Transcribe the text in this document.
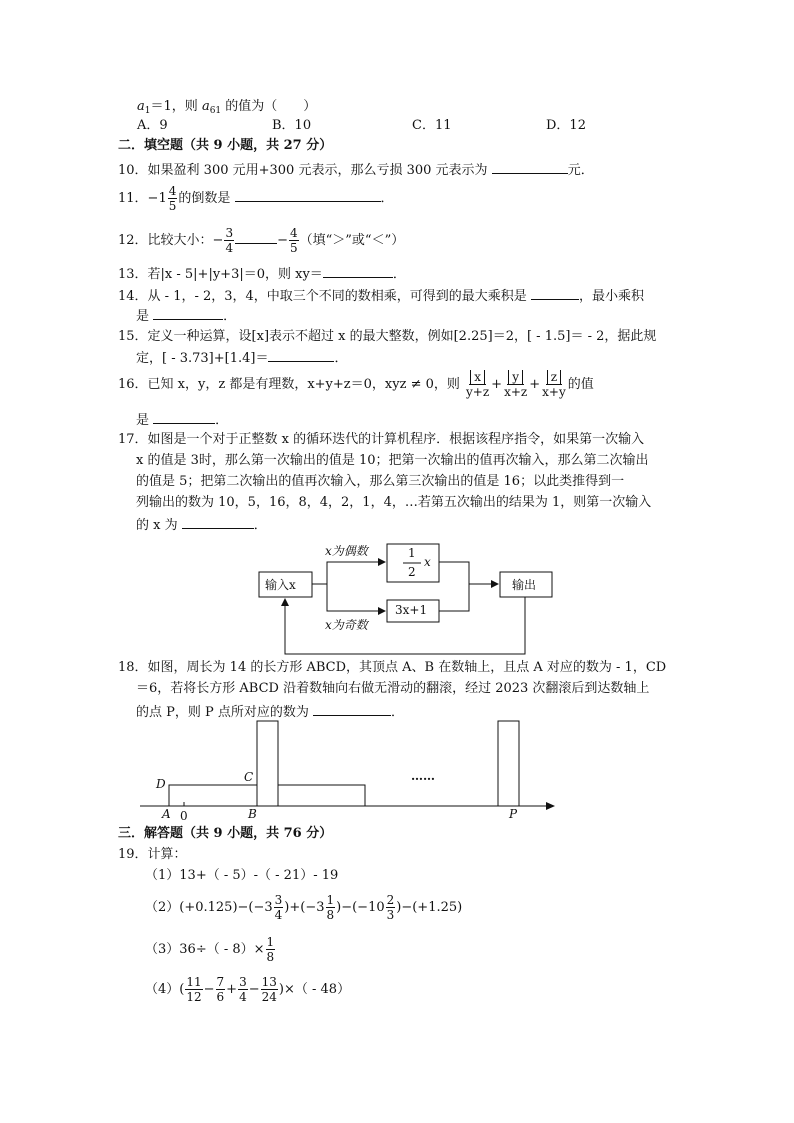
$a_1=1$，则 $a_{61}$ 的值为（　　）
A．9	B．10	C．11	D．12
二．填空题（共 9 小题，共 27 分）
10．如果盈利 300 元用+300 元表示，那么亏损 300 元表示为	元．
11．$-1 \frac{4}{5}$ 的倒数是	．
12．比较大小：− $\frac{3}{4}$	− $\frac{4}{5}$ （填“＞”或“＜”）
13．若|x - 5|+|y+3|＝0，则 xy＝	．
14．从 - 1，- 2，3，4，中取三个不同的数相乘，可得到的最大乘积是	，最小乘积
是	．
15．定义一种运算，设[x]表示不超过 x 的最大整数，例如[2.25]＝2，[ - 1.5]＝ - 2，据此规
定，[ - 3.73]+[1.4]＝	．
16．已知 x，y，z 都是有理数，x+y+z＝0，xyz ≠ 0，则 $\frac{x}{y+z} + \frac{y}{x+z} + \frac{z}{x+y}$ 的值
是	．
17．如图是一个对于正整数 x 的循环迭代的计算机程序．根据该程序指令，如果第一次输入
x 的值是 3时，那么第一次输出的值是 10；把第一次输出的值再次输入，那么第二次输出
的值是 5；把第二次输出的值再次输入，那么第三次输出的值是 16；以此类推得到一
列输出的数为 10，5，16，8，4，2，1，4，…若第五次输出的结果为 1，则第一次输入
的 x 为	．
输入x
x为偶数
x为奇数
1
2
x
3x+1
输出
18．如图，周长为 14 的长方形 ABCD，其顶点 A、B 在数轴上，且点 A 对应的数为 - 1，CD
＝6，若将长方形 ABCD 沿着数轴向右做无滑动的翻滚，经过 2023 次翻滚后到达数轴上
的点 P，则 P 点所对应的数为	．
D	C
A 0	B	P
……
三．解答题（共 9 小题，共 76 分）
19．计算：
（1）13+（ - 5）-（ - 21）- 19
$(2)(+0.125)-(-3 \frac{3}{4} )+(-3 \frac{1}{8} )-(-10 \frac{2}{3} )-(+1.25)$
$(3)36\div( - 8)\times \frac{1}{8}$
$(4)( \frac{11}{12} - \frac{7}{6} + \frac{3}{4} - \frac{13}{24}$ )×（ - 48）
